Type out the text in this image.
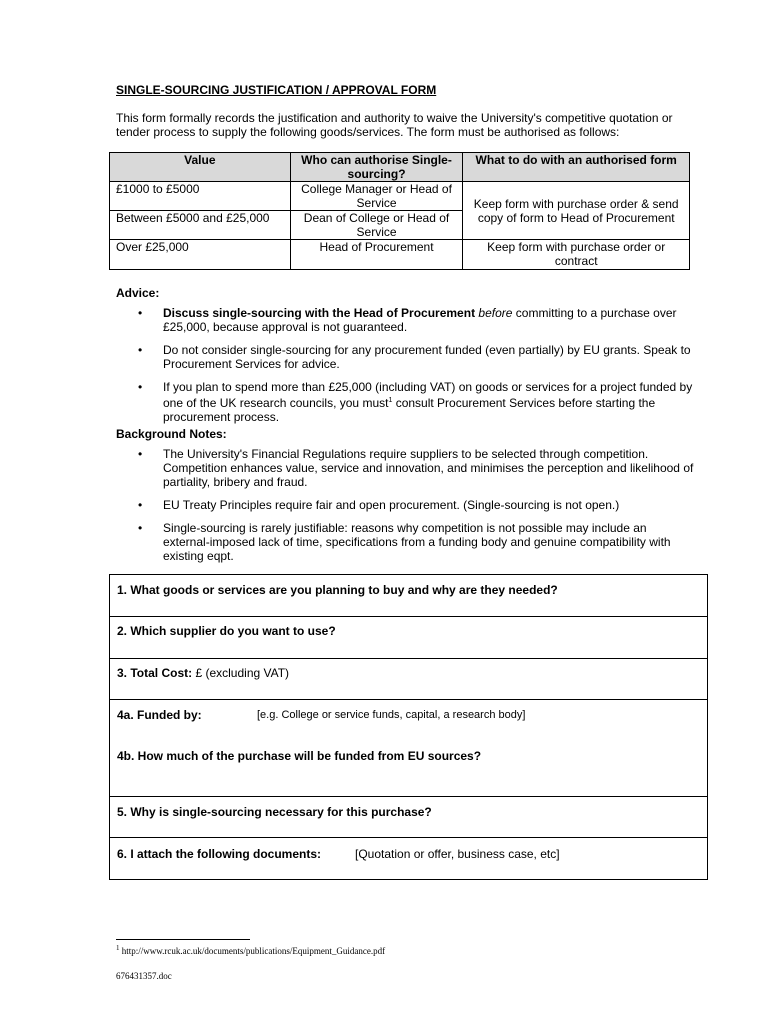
SINGLE-SOURCING JUSTIFICATION / APPROVAL FORM
This form formally records the justification and authority to waive the University's competitive quotation or tender process to supply the following goods/services. The form must be authorised as follows:
Value	Who can authorise Single-sourcing?	What to do with an authorised form
£1000 to £5000	College Manager or Head of Service	Keep form with purchase order & send copy of form to Head of Procurement
Between £5000 and £25,000	Dean of College or Head of Service	
Over £25,000	Head of Procurement	Keep form with purchase order or contract
Advice:
• Discuss single-sourcing with the Head of Procurement before committing to a purchase over £25,000, because approval is not guaranteed.
• Do not consider single-sourcing for any procurement funded (even partially) by EU grants. Speak to Procurement Services for advice.
• If you plan to spend more than £25,000 (including VAT) on goods or services for a project funded by one of the UK research councils, you must$^1$ consult Procurement Services before starting the procurement process.
Background Notes:
• The University's Financial Regulations require suppliers to be selected through competition. Competition enhances value, service and innovation, and minimises the perception and likelihood of partiality, bribery and fraud.
• EU Treaty Principles require fair and open procurement. (Single-sourcing is not open.)
• Single-sourcing is rarely justifiable: reasons why competition is not possible may include an external-imposed lack of time, specifications from a funding body and genuine compatibility with existing eqpt.
1. What goods or services are you planning to buy and why are they needed?
2. Which supplier do you want to use?
3. Total Cost: £ (excluding VAT)
4a. Funded by:	[e.g. College or service funds, capital, a research body]
4b. How much of the purchase will be funded from EU sources?
5. Why is single-sourcing necessary for this purchase?
6. I attach the following documents:	[Quotation or offer, business case, etc]
$^1$ http://www.rcuk.ac.uk/documents/publications/Equipment_Guidance.pdf
676431357.doc
